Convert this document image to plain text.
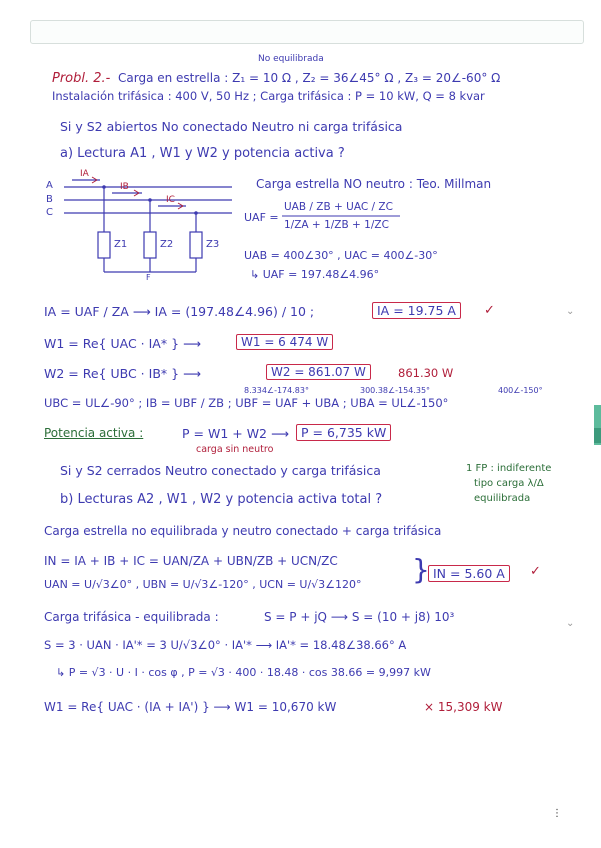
No equilibrada
Probl. 2.- Carga en estrella : Z₁ = 10 Ω , Z₂ = 36∠45° Ω , Z₃ = 20∠-60° Ω
Instalación trifásica : 400 V, 50 Hz ; Carga trifásica : P = 10 kW, Q = 8 kvar
Si y S2 abiertos No conectado Neutro ni carga trifásica
a) Lectura A1 , W1 y W2 y potencia activa ?
A
B
C
IA
IB
IC
Z1	Z2	Z3
F
Carga estrella NO neutro : Teo. Millman
UAF =
UAB / ZB + UAC / ZC
1/ZA + 1/ZB + 1/ZC
UAB = 400∠30° , UAC = 400∠-30°
↳ UAF = 197.48∠4.96°
IA = UAF / ZA ⟶ IA = (197.48∠4.96) / 10 ;	IA = 19.75 A	✓
W1 = Re{ UAC · IA* } ⟶	W1 = 6 474 W
W2 = Re{ UBC · IB* } ⟶	W2 = 861.07 W	861.30 W
8.334∠-174.83°	300.38∠-154.35°	400∠-150°
UBC = UL∠-90° ; IB = UBF / ZB ; UBF = UAF + UBA ; UBA = UL∠-150°
Potencia activa :	P = W1 + W2 ⟶ P = 6,735 kW
carga sin neutro
Si y S2 cerrados Neutro conectado y carga trifásica	1 FP : indiferente
tipo carga λ/Δ
equilibrada
b) Lecturas A2 , W1 , W2 y potencia activa total ?
Carga estrella no equilibrada y neutro conectado + carga trifásica
IN = IA + IB + IC = UAN/ZA + UBN/ZB + UCN/ZC
UAN = U/√3∠0° , UBN = U/√3∠-120° , UCN = U/√3∠120° } IN = 5.60 A	✓
Carga trifásica - equilibrada :	S = P + jQ ⟶ S = (10 + j8) 10³
S = 3 · UAN · IA'* = 3 U/√3∠0° · IA'* ⟶ IA'* = 18.48∠38.66° A
↳ P = √3 · U · I · cos φ , P = √3 · 400 · 18.48 · cos 38.66 = 9,997 kW
W1 = Re{ UAC · (IA + IA') } ⟶ W1 = 10,670 kW	× 15,309 kW
⌄
⌄
⋮
